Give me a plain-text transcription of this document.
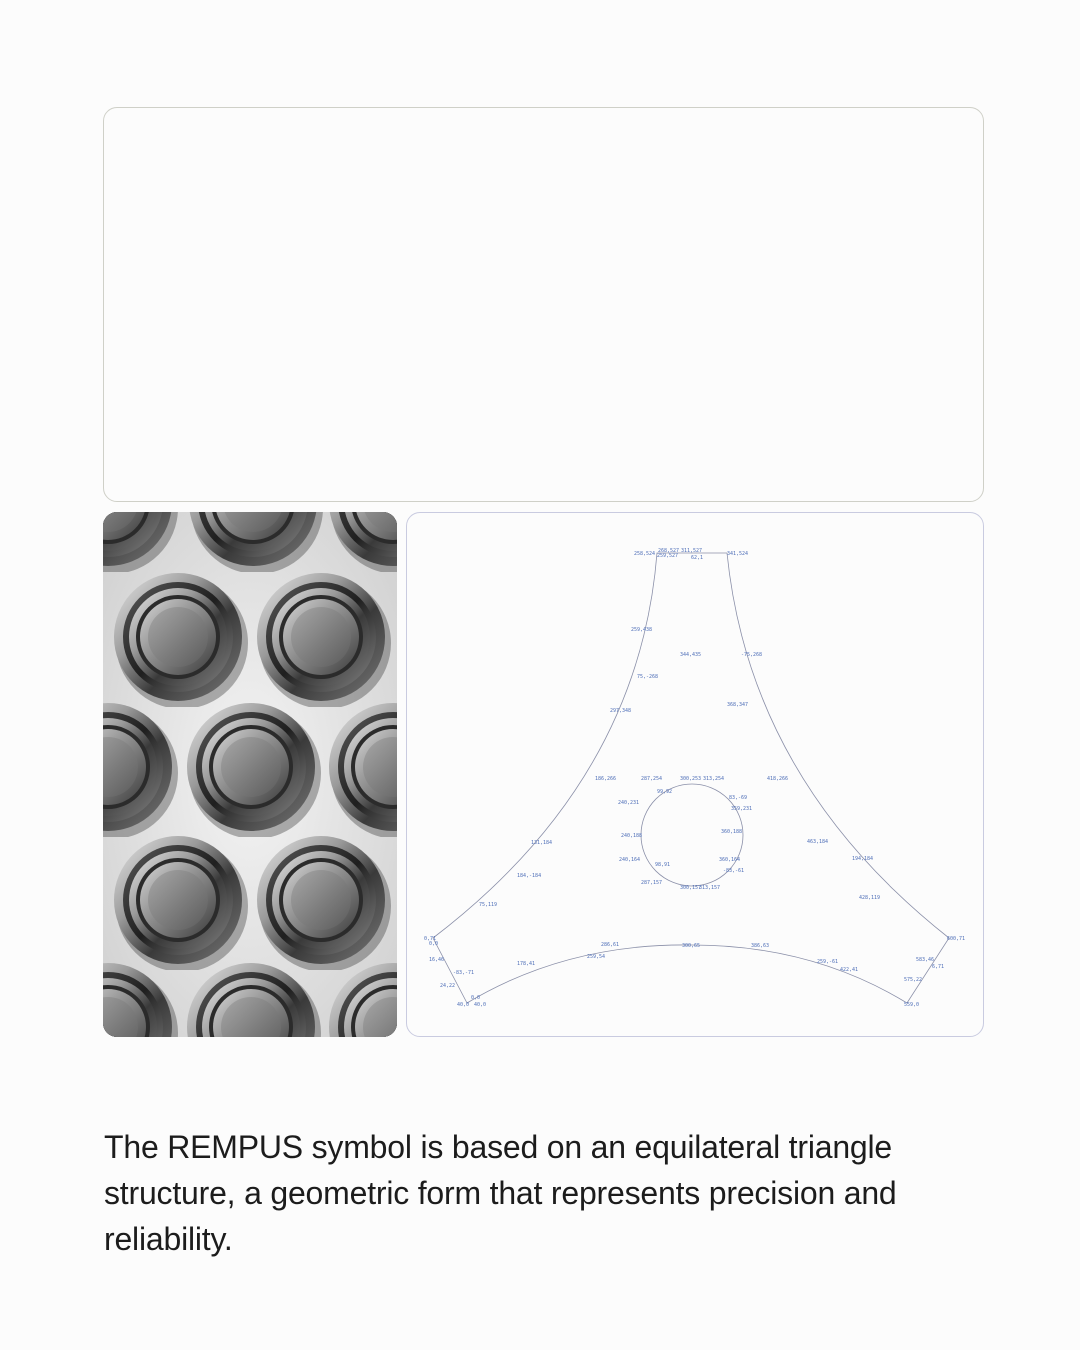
258,524 268,527 311,527	341,524
259,527	62,1
259,438
344,435	-75,268
75,-268
368,347
297,348
186,266	287,254	300,253 313,254	418,266
99,92
240,231
83,-69
359,231
240,188
360,188
131,184	463,184
240,164
98,91
360,164
-83,-61
184,-184
194,184
287,157
300,157
313,157
428,119
75,119
0,71
0,0
600,71
16,46
-83,-71
178,41
286,61
259,54
300,65	386,63
259,-61	583,46
422,41
24,22
575,22
0,0
40,0 40,0	559,0
6,71

The REMPUS symbol is based on an equilateral triangle structure, a geometric form that represents precision and reliability.
